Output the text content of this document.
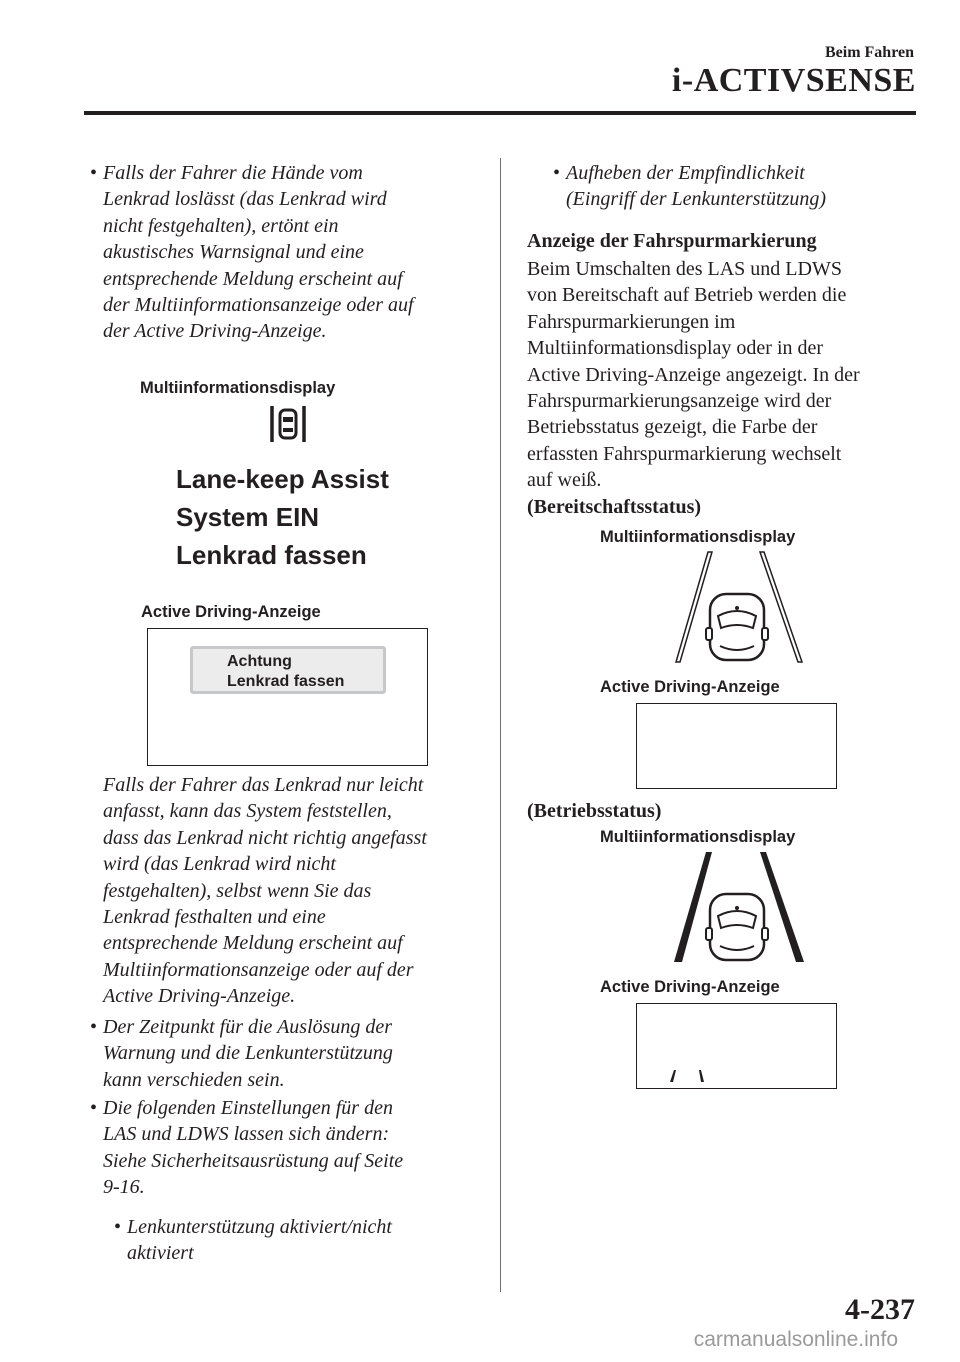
Beim Fahren
i-ACTIVSENSE
• Falls der Fahrer die Hände vom
Lenkrad loslässt (das Lenkrad wird
nicht festgehalten), ertönt ein
akustisches Warnsignal und eine
entsprechende Meldung erscheint auf
der Multiinformationsanzeige oder auf
der Active Driving-Anzeige.
Multiinformationsdisplay
Lane-keep Assist
System EIN
Lenkrad fassen
Active Driving-Anzeige
Achtung
Lenkrad fassen
Falls der Fahrer das Lenkrad nur leicht
anfasst, kann das System feststellen,
dass das Lenkrad nicht richtig angefasst
wird (das Lenkrad wird nicht
festgehalten), selbst wenn Sie das
Lenkrad festhalten und eine
entsprechende Meldung erscheint auf
Multiinformationsanzeige oder auf der
Active Driving-Anzeige.
• Der Zeitpunkt für die Auslösung der
Warnung und die Lenkunterstützung
kann verschieden sein.
• Die folgenden Einstellungen für den
LAS und LDWS lassen sich ändern:
Siehe Sicherheitsausrüstung auf Seite
9-16.
• Lenkunterstützung aktiviert/nicht
aktiviert
• Aufheben der Empfindlichkeit
(Eingriff der Lenkunterstützung)
Anzeige der Fahrspurmarkierung
Beim Umschalten des LAS und LDWS
von Bereitschaft auf Betrieb werden die
Fahrspurmarkierungen im
Multiinformationsdisplay oder in der
Active Driving-Anzeige angezeigt. In der
Fahrspurmarkierungsanzeige wird der
Betriebsstatus gezeigt, die Farbe der
erfassten Fahrspurmarkierung wechselt
auf weiß.
(Bereitschaftsstatus)
Multiinformationsdisplay
Active Driving-Anzeige
(Betriebsstatus)
Multiinformationsdisplay
Active Driving-Anzeige
4-237
carmanualsonline.info
